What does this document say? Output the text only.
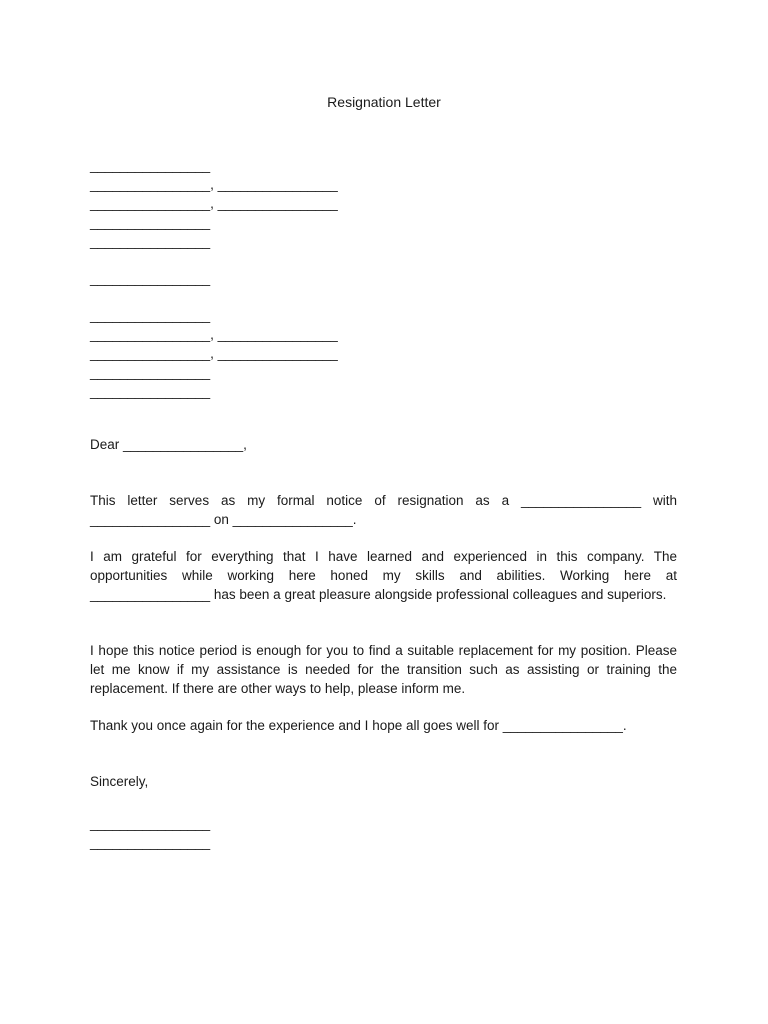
Resignation Letter
________________
________________, ________________
________________, ________________
________________
________________
________________
________________
________________, ________________
________________, ________________
________________
________________
Dear ________________,
This letter serves as my formal notice of resignation as a ________________ with ________________ on ________________.
I am grateful for everything that I have learned and experienced in this company. The opportunities while working here honed my skills and abilities. Working here at ________________ has been a great pleasure alongside professional colleagues and superiors.
I hope this notice period is enough for you to find a suitable replacement for my position. Please let me know if my assistance is needed for the transition such as assisting or training the replacement. If there are other ways to help, please inform me.
Thank you once again for the experience and I hope all goes well for ________________.
Sincerely,
________________
________________
